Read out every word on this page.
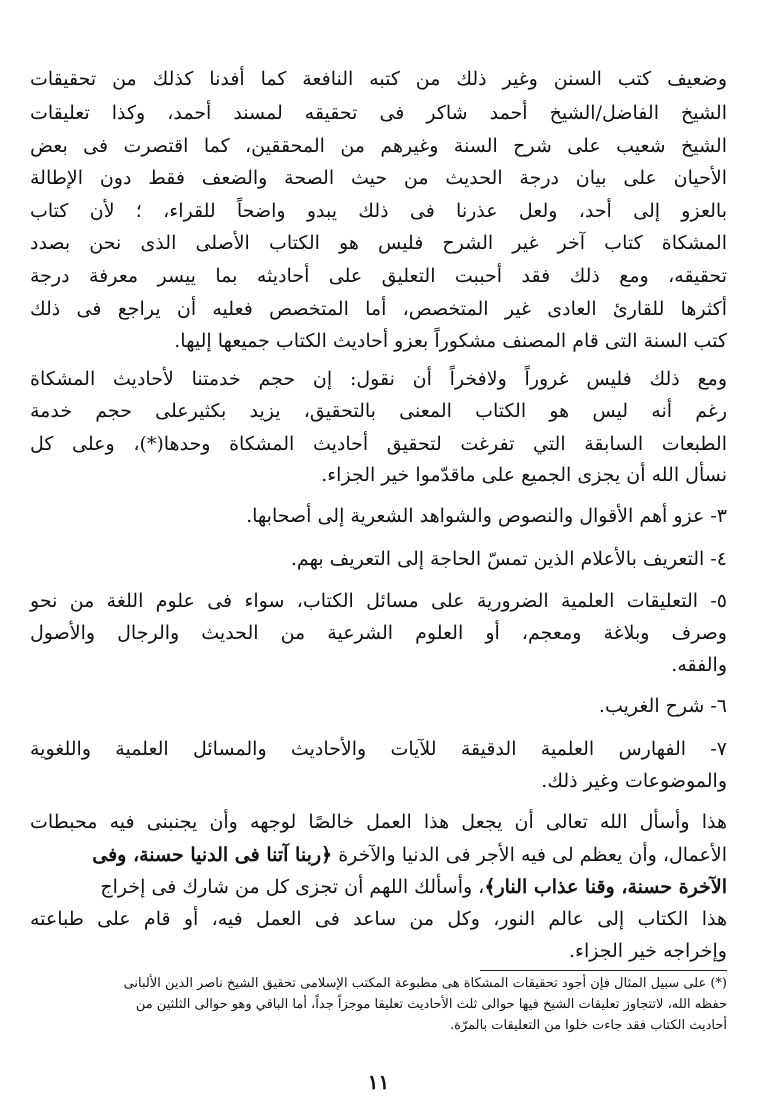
وضعيف كتب السنن وغير ذلك من كتبه النافعة كما أفدنا كذلك من تحقيقات
الشيخ الفاضل/الشيخ أحمد شاكر فى تحقيقه لمسند أحمد، وكذا تعليقات
الشيخ شعيب على شرح السنة وغيرهم من المحققين، كما اقتصرت فى بعض
الأحيان على بيان درجة الحديث من حيث الصحة والضعف فقط دون الإطالة
بالعزو إلى أحد، ولعل عذرنا فى ذلك يبدو واضحاً للقراء، ؛ لأن كتاب
المشكاة كتاب آخر غير الشرح فليس هو الكتاب الأصلى الذى نحن بصدد
تحقيقه، ومع ذلك فقد أحببت التعليق على أحاديثه بما ييسر معرفة درجة
أكثرها للقارئ العادى غير المتخصص، أما المتخصص فعليه أن يراجع فى ذلك
كتب السنة التى قام المصنف مشكوراً بعزو أحاديث الكتاب جميعها إليها.
ومع ذلك فليس غروراً ولافخراً أن نقول: إن حجم خدمتنا لأحاديث المشكاة
رغم أنه ليس هو الكتاب المعنى بالتحقيق، يزيد بكثيرعلى حجم خدمة
الطبعات السابقة التي تفرغت لتحقيق أحاديث المشكاة وحدها(*)، وعلى كل
نسأل الله أن يجزى الجميع على ماقدّموا خير الجزاء.
٣- عزو أهم الأقوال والنصوص والشواهد الشعرية إلى أصحابها.
٤- التعريف بالأعلام الذين تمسّ الحاجة إلى التعريف بهم.
٥- التعليقات العلمية الضرورية على مسائل الكتاب، سواء فى علوم اللغة من نحو
وصرف وبلاغة ومعجم، أو العلوم الشرعية من الحديث والرجال والأصول
والفقه.
٦- شرح الغريب.
٧- الفهارس العلمية الدقيقة للآيات والأحاديث والمسائل العلمية واللغوية
والموضوعات وغير ذلك.
هذا وأسأل الله تعالى أن يجعل هذا العمل خالصًا لوجهه وأن يجنبنى فيه محبطات
الأعمال، وأن يعظم لى فيه الأجر فى الدنيا والآخرة ﴿ربنا آتنا فى الدنيا حسنة، وفى
الآخرة حسنة، وقنا عذاب النار﴾، وأسألك اللهم أن تجزى كل من شارك فى إخراج
هذا الكتاب إلى عالم النور، وكل من ساعد فى العمل فيه، أو قام على طباعته
وإخراجه خير الجزاء.
(*) على سبيل المثال فإن أجود تحقيقات المشكاة هى مطبوعة المكتب الإسلامى تحقيق الشيخ ناصر الدين الألبانى
حفظه الله، لاتتجاوز تعليقات الشيخ فيها حوالى ثلث الأحاديث تعليقا موجزاً جداً، أما الباقي وهو حوالى الثلثين من
أحاديث الكتاب فقد جاءت خلوا من التعليقات بالمرّة.
١١
